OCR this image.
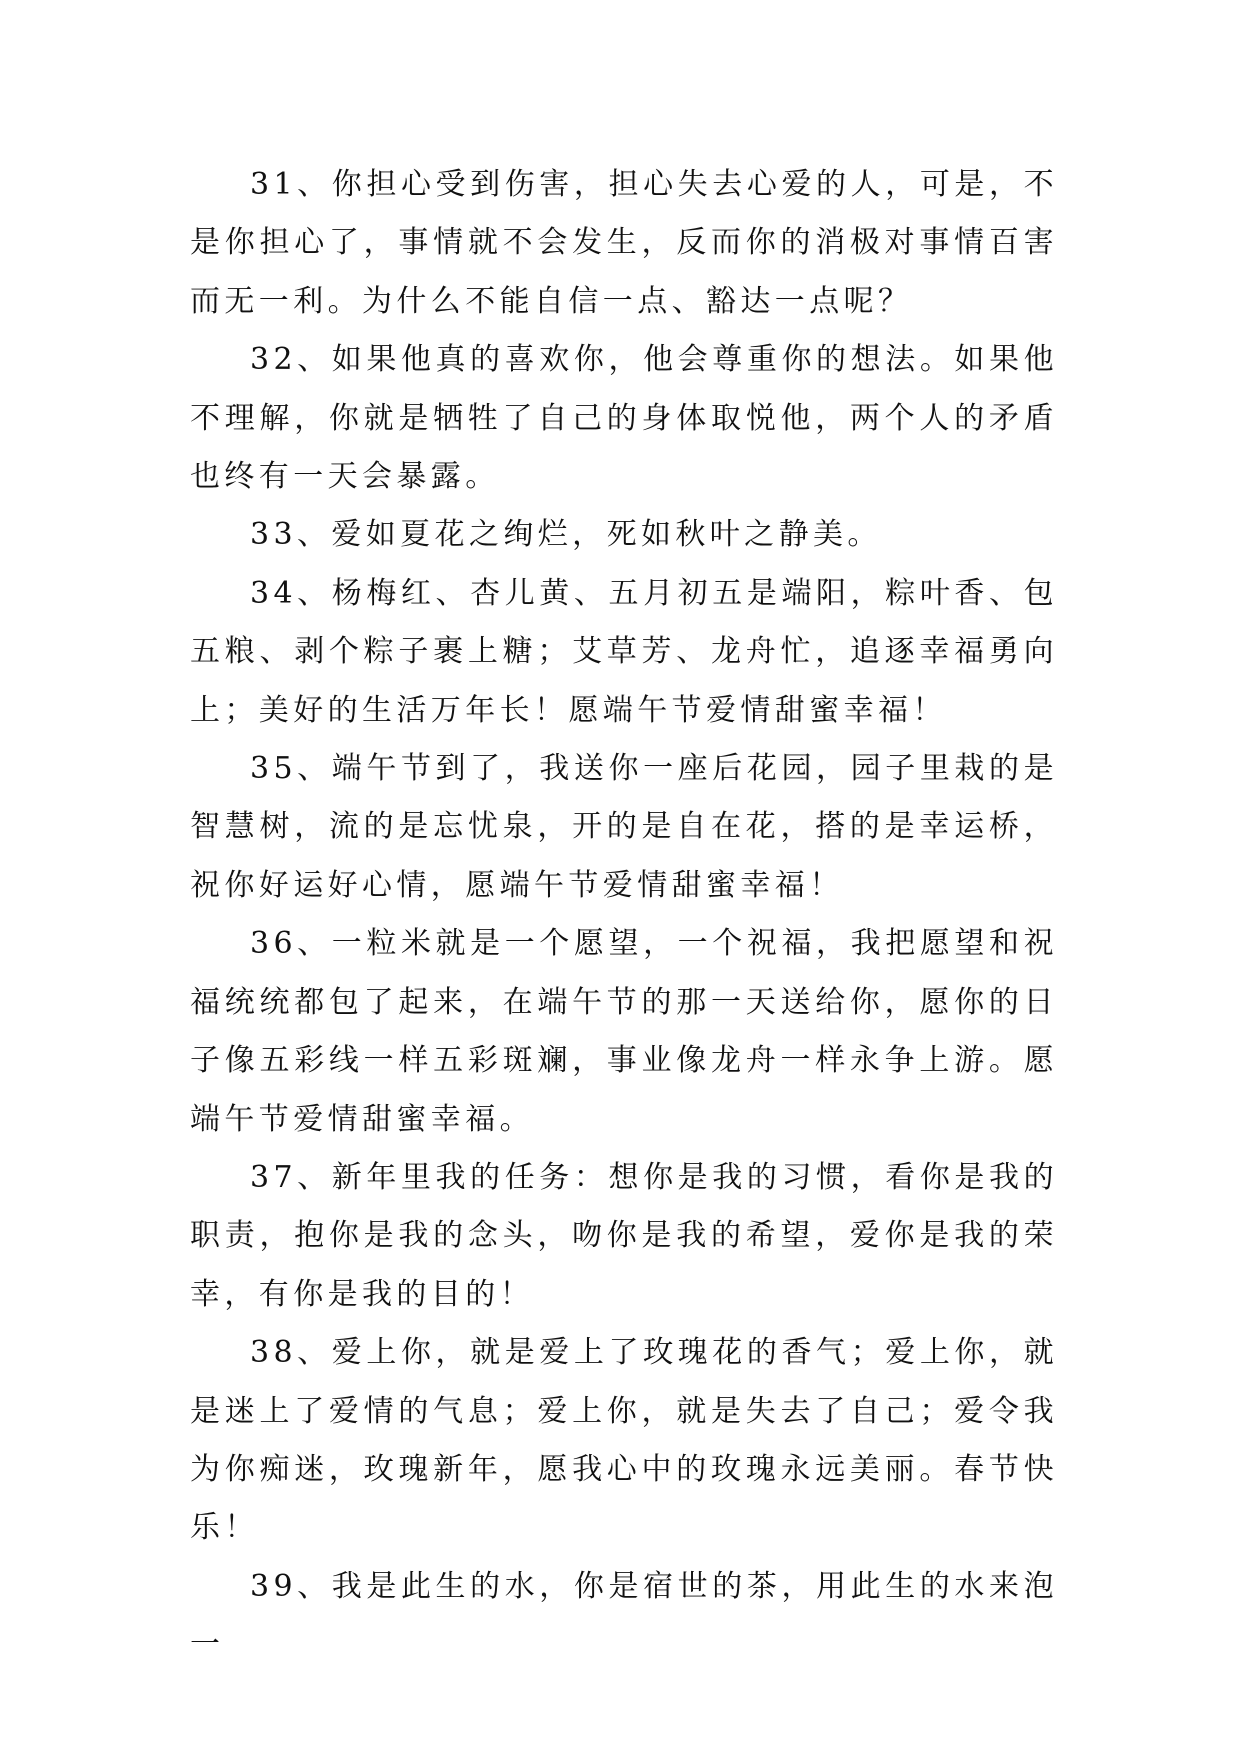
31、你担心受到伤害，担心失去心爱的人，可是，不是你担心了，事情就不会发生，反而你的消极对事情百害而无一利。为什么不能自信一点、豁达一点呢？

32、如果他真的喜欢你，他会尊重你的想法。如果他不理解，你就是牺牲了自己的身体取悦他，两个人的矛盾也终有一天会暴露。

33、爱如夏花之绚烂，死如秋叶之静美。

34、杨梅红、杏儿黄、五月初五是端阳，粽叶香、包五粮、剥个粽子裹上糖；艾草芳、龙舟忙，追逐幸福勇向上；美好的生活万年长！愿端午节爱情甜蜜幸福！

35、端午节到了，我送你一座后花园，园子里栽的是智慧树，流的是忘忧泉，开的是自在花，搭的是幸运桥，祝你好运好心情，愿端午节爱情甜蜜幸福！

36、一粒米就是一个愿望，一个祝福，我把愿望和祝福统统都包了起来，在端午节的那一天送给你，愿你的日子像五彩线一样五彩斑斓，事业像龙舟一样永争上游。愿端午节爱情甜蜜幸福。

37、新年里我的任务：想你是我的习惯，看你是我的职责，抱你是我的念头，吻你是我的希望，爱你是我的荣幸，有你是我的目的！

38、爱上你，就是爱上了玫瑰花的香气；爱上你，就是迷上了爱情的气息；爱上你，就是失去了自己；爱令我为你痴迷，玫瑰新年，愿我心中的玫瑰永远美丽。春节快乐！

39、我是此生的水，你是宿世的茶，用此生的水来泡一
